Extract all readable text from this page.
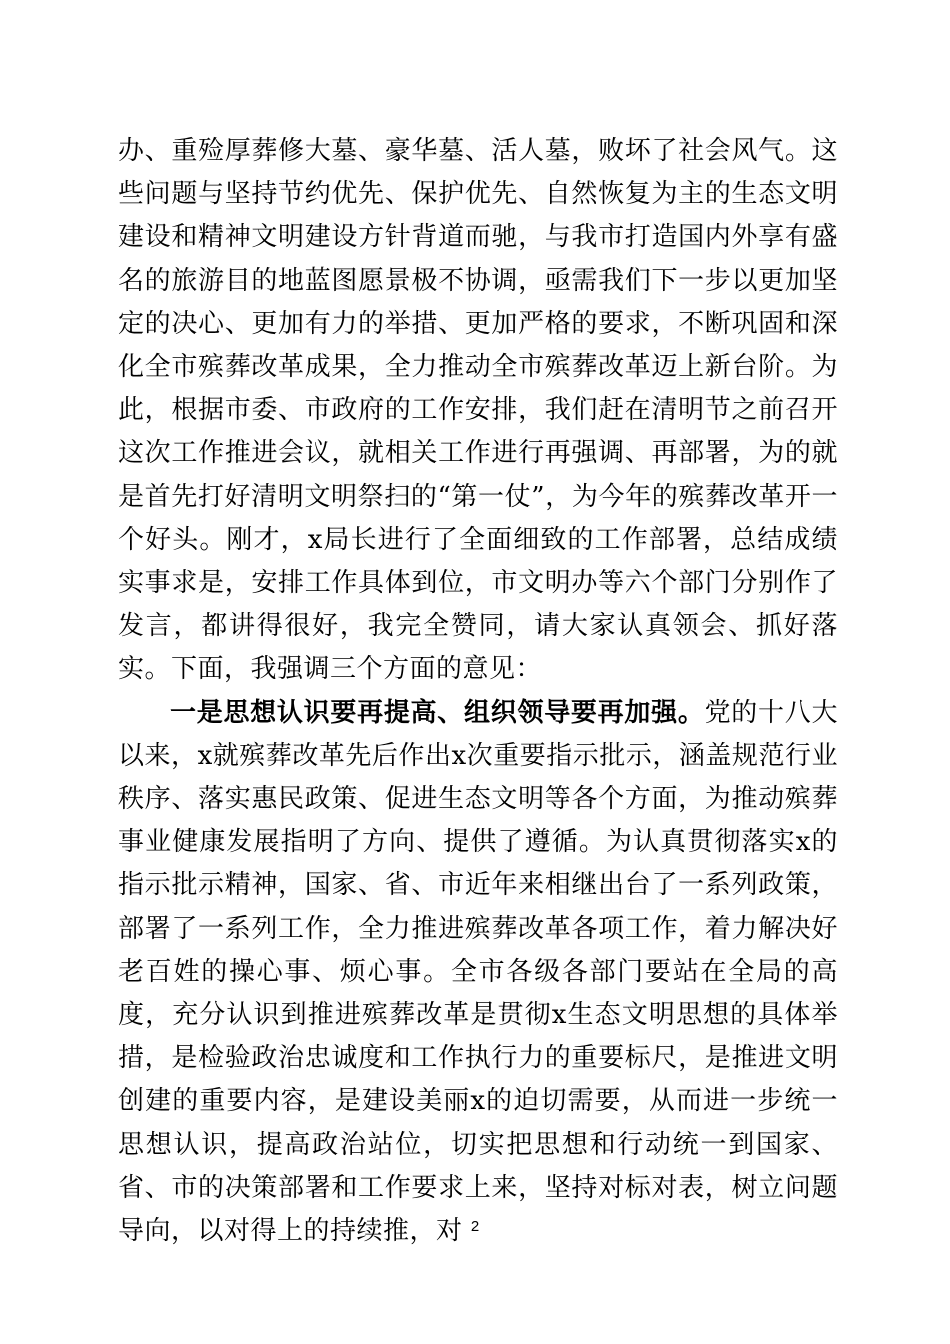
办、重殓厚葬修大墓、豪华墓、活人墓，败坏了社会风气。这些问题与坚持节约优先、保护优先、自然恢复为主的生态文明建设和精神文明建设方针背道而驰，与我市打造国内外享有盛名的旅游目的地蓝图愿景极不协调，亟需我们下一步以更加坚定的决心、更加有力的举措、更加严格的要求，不断巩固和深化全市殡葬改革成果，全力推动全市殡葬改革迈上新台阶。为此，根据市委、市政府的工作安排，我们赶在清明节之前召开这次工作推进会议，就相关工作进行再强调、再部署，为的就是首先打好清明文明祭扫的“第一仗”，为今年的殡葬改革开一个好头。刚才，x局长进行了全面细致的工作部署，总结成绩实事求是，安排工作具体到位，市文明办等六个部门分别作了发言，都讲得很好，我完全赞同，请大家认真领会、抓好落实。下面，我强调三个方面的意见：

一是思想认识要再提高、组织领导要再加强。党的十八大以来，x就殡葬改革先后作出x次重要指示批示，涵盖规范行业秩序、落实惠民政策、促进生态文明等各个方面，为推动殡葬事业健康发展指明了方向、提供了遵循。为认真贯彻落实x的指示批示精神，国家、省、市近年来相继出台了一系列政策，部署了一系列工作，全力推进殡葬改革各项工作，着力解决好老百姓的操心事、烦心事。全市各级各部门要站在全局的高度，充分认识到推进殡葬改革是贯彻x生态文明思想的具体举措，是检验政治忠诚度和工作执行力的重要标尺，是推进文明创建的重要内容，是建设美丽x的迫切需要，从而进一步统一思想认识，提高政治站位，切实把思想和行动统一到国家、省、市的决策部署和工作要求上来，坚持对标对表，树立问题导向，以对得上的持续推，对 2
